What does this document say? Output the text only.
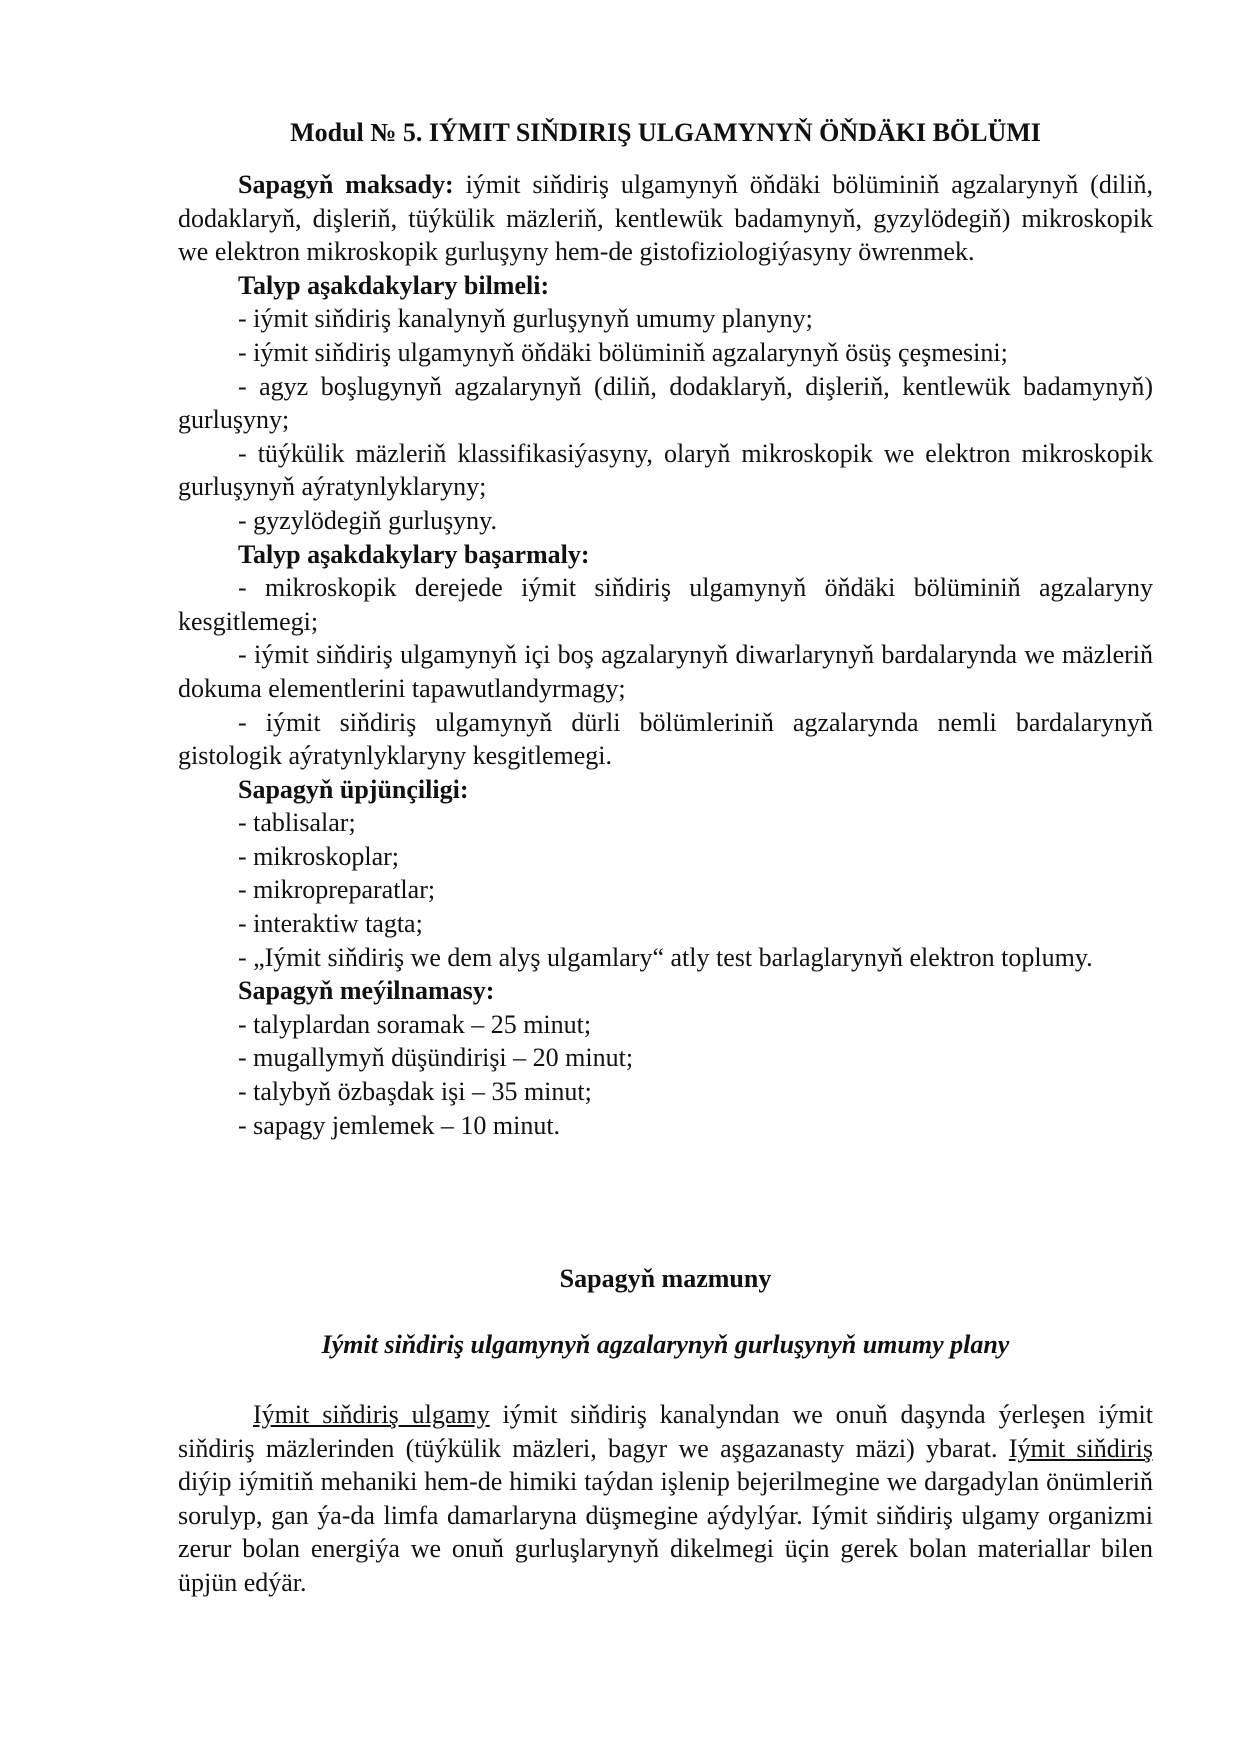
Modul № 5. IÝMIT SIŇDIRIŞ ULGAMYNYŇ ÖŇDÄKI BÖLÜMI

Sapagyň maksady: iýmit siňdiriş ulgamynyň öňdäki bölüminiň agzalarynyň (diliň, dodaklaryň, dişleriň, tüýkülik mäzleriň, kentlewük badamynyň, gyzylödegiň) mikroskopik we elektron mikroskopik gurluşyny hem-de gistofiziologiýasyny öwrenmek.

Talyp aşakdakylary bilmeli:

- iýmit siňdiriş kanalynyň gurluşynyň umumy planyny;

- iýmit siňdiriş ulgamynyň öňdäki bölüminiň agzalarynyň ösüş çeşmesini;

- agyz boşlugynyň agzalarynyň (diliň, dodaklaryň, dişleriň, kentlewük badamynyň) gurluşyny;

- tüýkülik mäzleriň klassifikasiýasyny, olaryň mikroskopik we elektron mikroskopik gurluşynyň aýratynlyklaryny;

- gyzylödegiň gurluşyny.

Talyp aşakdakylary başarmaly:

- mikroskopik derejede iýmit siňdiriş ulgamynyň öňdäki bölüminiň agzalaryny kesgitlemegi;

- iýmit siňdiriş ulgamynyň içi boş agzalarynyň diwarlarynyň bardalarynda we mäzleriň dokuma elementlerini tapawutlandyrmagy;

- iýmit siňdiriş ulgamynyň dürli bölümleriniň agzalarynda nemli bardalarynyň gistologik aýratynlyklaryny kesgitlemegi.

Sapagyň üpjünçiligi:

- tablisalar;

- mikroskoplar;

- mikropreparatlar;

- interaktiw tagta;

- „Iýmit siňdiriş we dem alyş ulgamlary“ atly test barlaglarynyň elektron toplumy.

Sapagyň meýilnamasy:

- talyplardan soramak – 25 minut;

- mugallymyň düşündirişi – 20 minut;

- talybyň özbaşdak işi – 35 minut;

- sapagy jemlemek – 10 minut.

Sapagyň mazmuny

Iýmit siňdiriş ulgamynyň agzalarynyň gurluşynyň umumy plany

Iýmit siňdiriş ulgamy iýmit siňdiriş kanalyndan we onuň daşynda ýerleşen iýmit siňdiriş mäzlerinden (tüýkülik mäzleri, bagyr we aşgazanasty mäzi) ybarat. Iýmit siňdiriş diýip iýmitiň mehaniki hem-de himiki taýdan işlenip bejerilmegine we dargadylan önümleriň sorulyp, gan ýa-da limfa damarlaryna düşmegine aýdylýar. Iýmit siňdiriş ulgamy organizmi zerur bolan energiýa we onuň gurluşlarynyň dikelmegi üçin gerek bolan materiallar bilen üpjün edýär.
